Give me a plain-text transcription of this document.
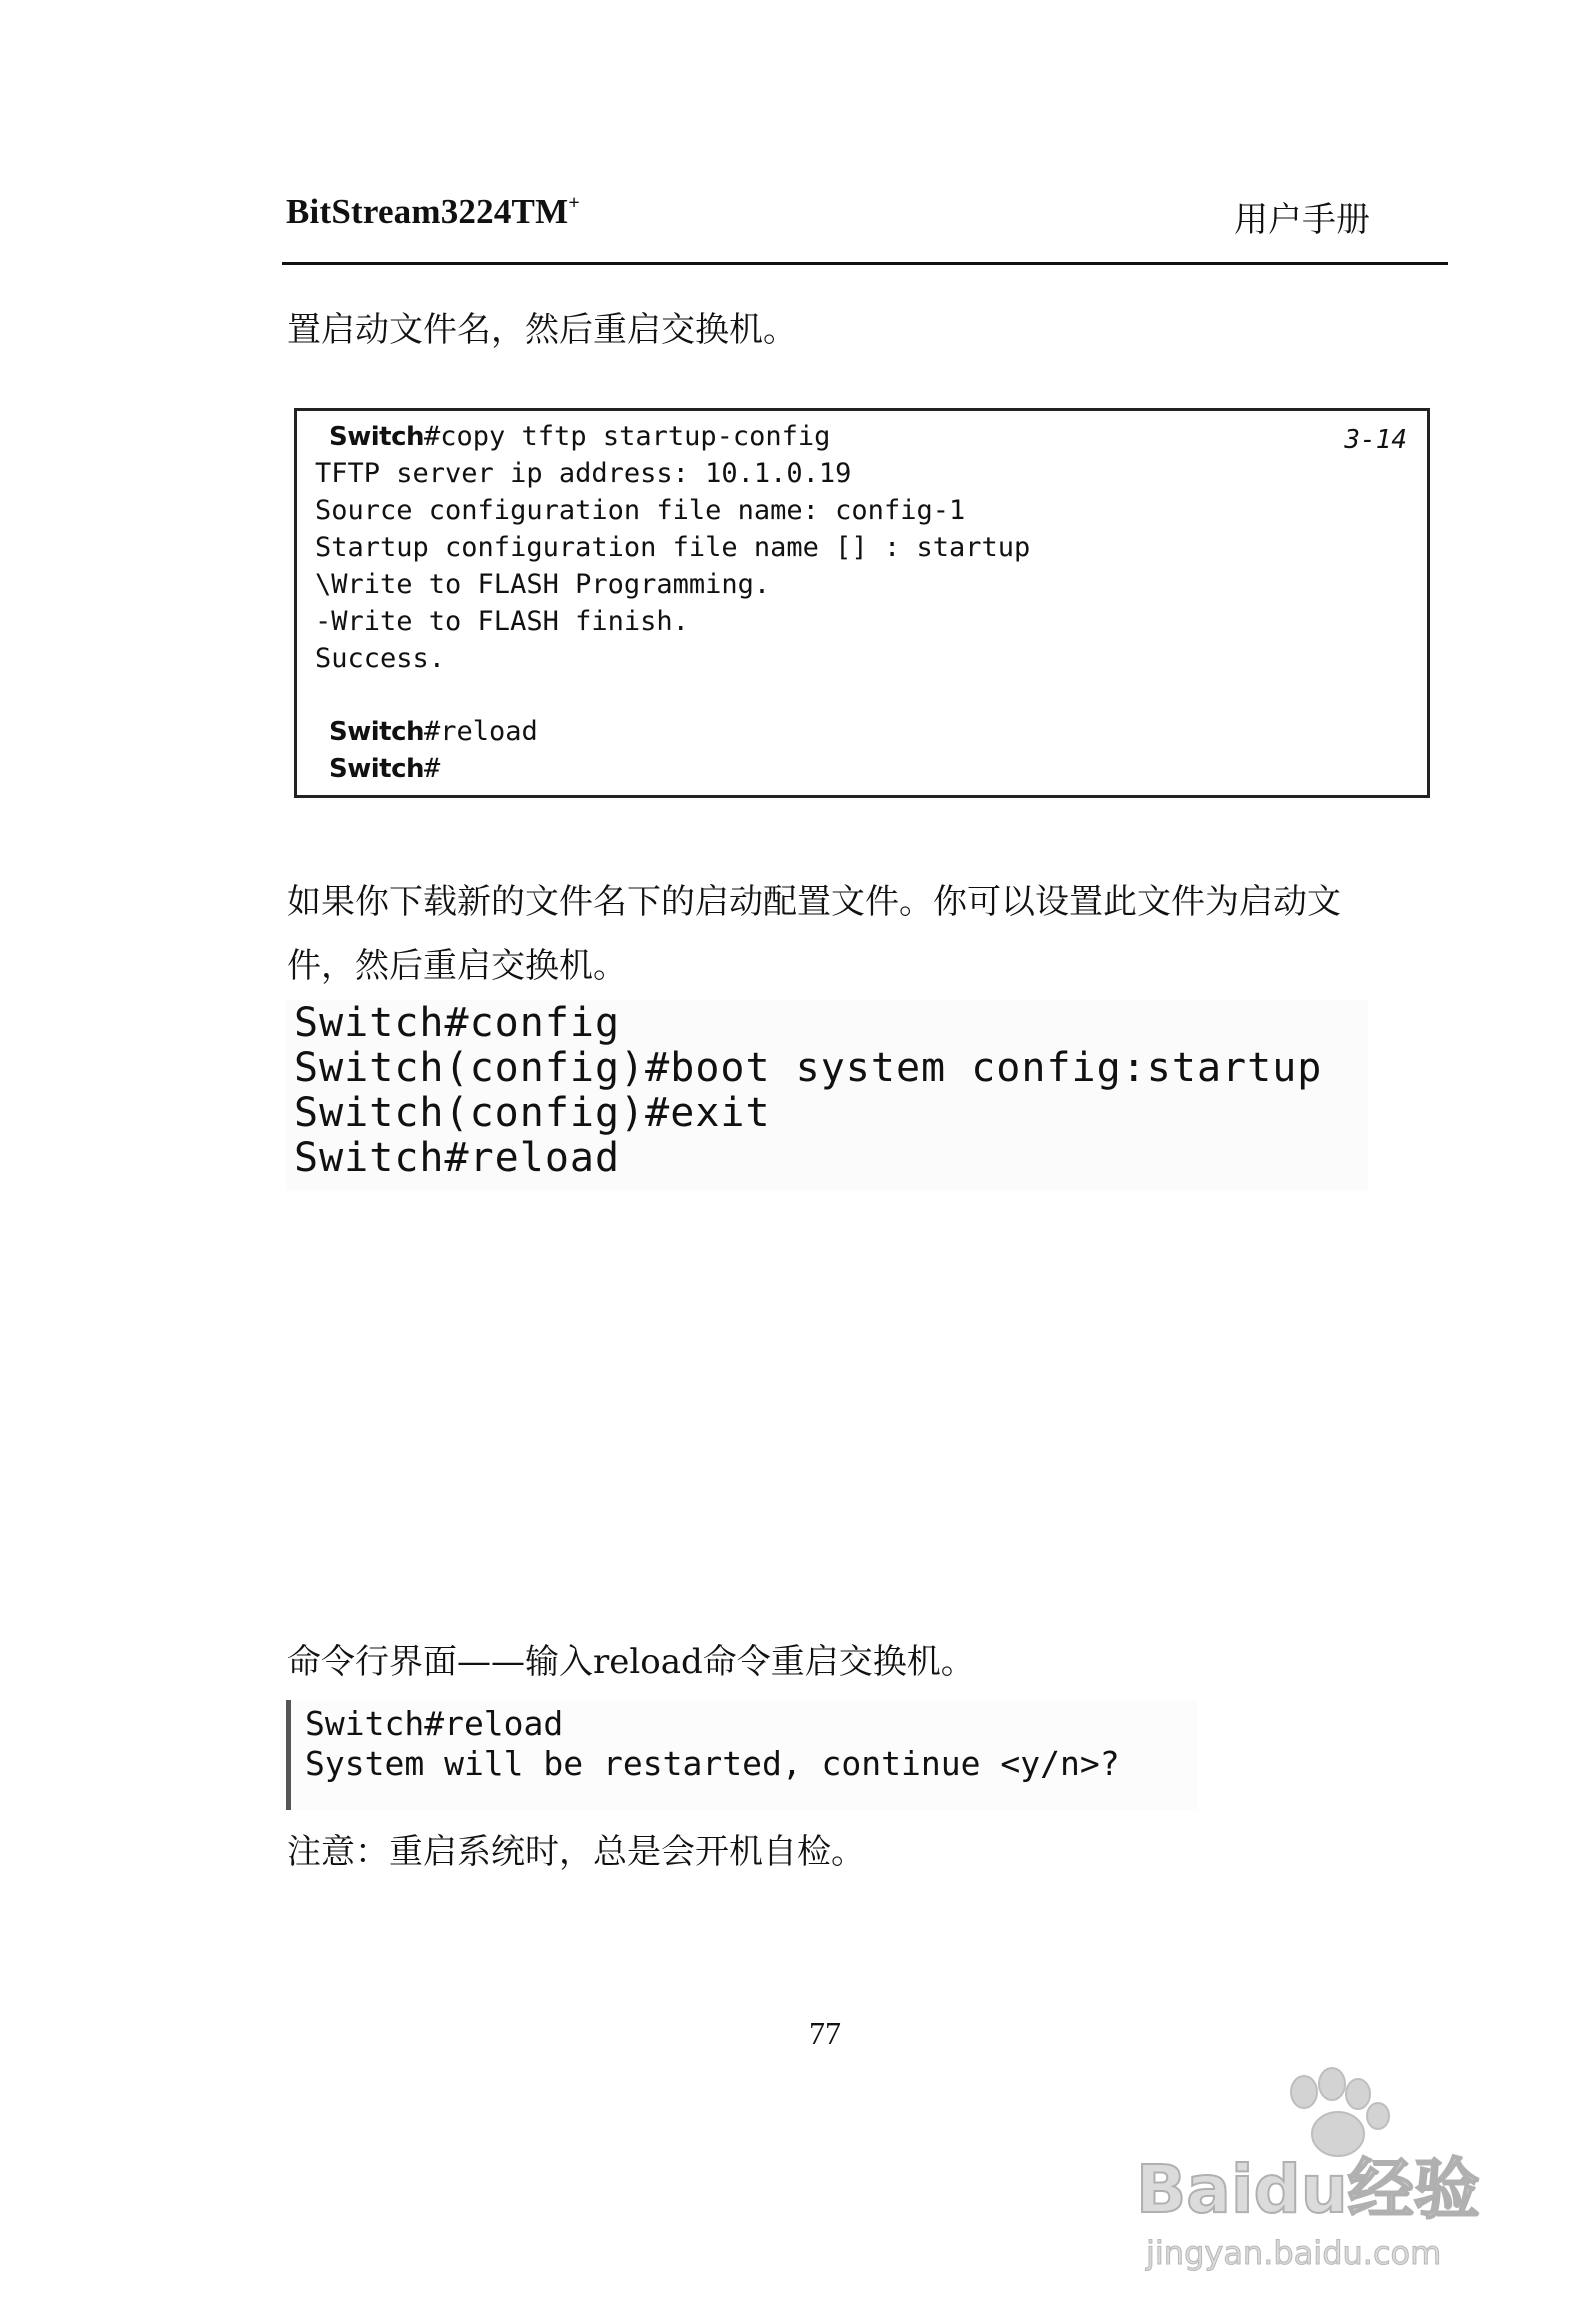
BitStream3224TM+	用户手册
置启动文件名，然后重启交换机。
3-14
Switch#copy tftp startup-config
TFTP server ip address: 10.1.0.19
Source configuration file name: config-1
Startup configuration file name [] : startup
\Write to FLASH Programming.
-Write to FLASH finish.
Success.
Switch#reload
Switch#
如果你下载新的文件名下的启动配置文件。你可以设置此文件为启动文
件，然后重启交换机。
Switch#config
Switch(config)#boot system config:startup
Switch(config)#exit
Switch#reload
命令行界面——输入reload命令重启交换机。
Switch#reload
System will be restarted, continue <y/n>?
注意：重启系统时，总是会开机自检。
77
Baidu经验
jingyan.baidu.com
